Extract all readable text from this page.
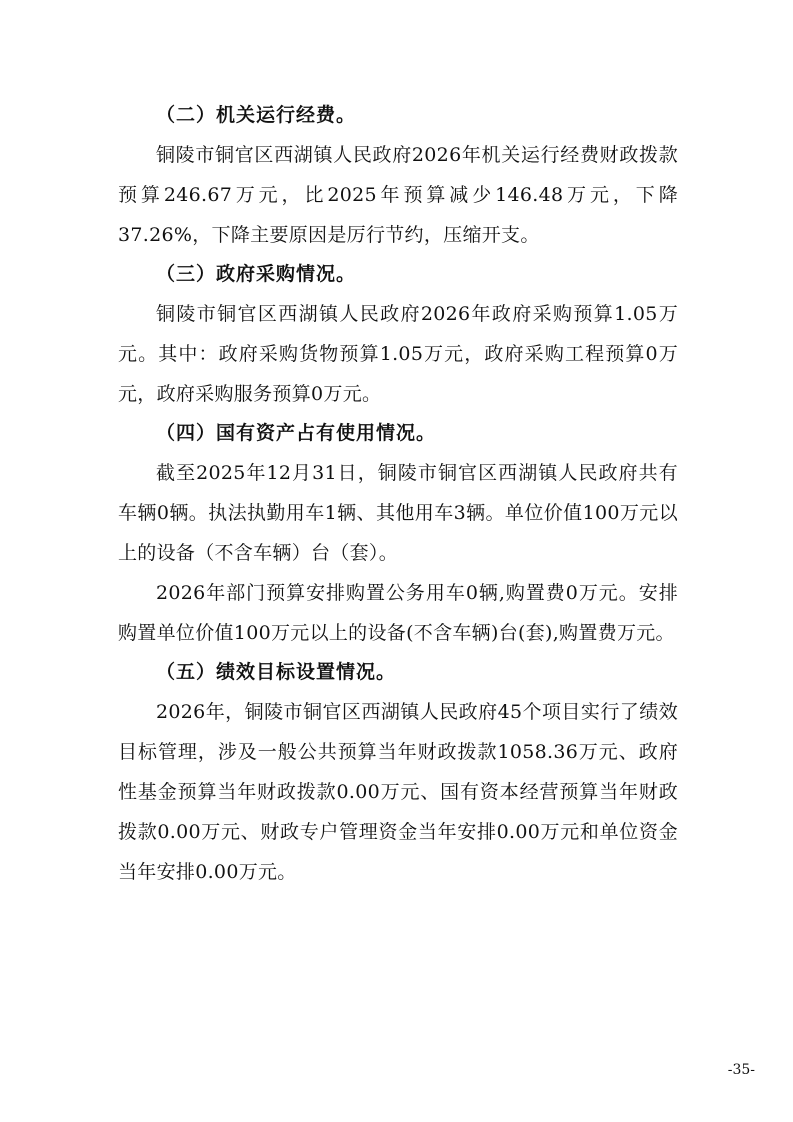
（二）机关运行经费。

铜陵市铜官区西湖镇人民政府2026年机关运行经费财政拨款预算246.67万元，比2025年预算减少146.48万元，下降37.26%，下降主要原因是厉行节约，压缩开支。

（三）政府采购情况。

铜陵市铜官区西湖镇人民政府2026年政府采购预算1.05万元。其中：政府采购货物预算1.05万元，政府采购工程预算0万元，政府采购服务预算0万元。

（四）国有资产占有使用情况。

截至2025年12月31日，铜陵市铜官区西湖镇人民政府共有车辆0辆。执法执勤用车1辆、其他用车3辆。单位价值100万元以上的设备（不含车辆）台（套）。

2026年部门预算安排购置公务用车0辆,购置费0万元。安排购置单位价值100万元以上的设备(不含车辆)台(套),购置费万元。

（五）绩效目标设置情况。

2026年，铜陵市铜官区西湖镇人民政府45个项目实行了绩效目标管理，涉及一般公共预算当年财政拨款1058.36万元、政府性基金预算当年财政拨款0.00万元、国有资本经营预算当年财政拨款0.00万元、财政专户管理资金当年安排0.00万元和单位资金当年安排0.00万元。

-35-
